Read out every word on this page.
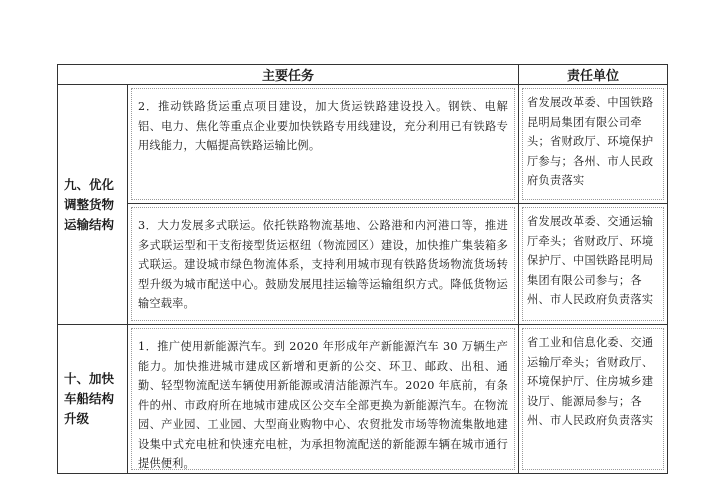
主要任务		责任单位
九、优化调整货物运输结构	2．推动铁路货运重点项目建设，加大货运铁路建设投入。钢铁、电解铝、电力、焦化等重点企业要加快铁路专用线建设，充分利用已有铁路专用线能力，大幅提高铁路运输比例。	省发展改革委、中国铁路昆明局集团有限公司牵头；省财政厅、环境保护厅参与；各州、市人民政府负责落实

	3．大力发展多式联运。依托铁路物流基地、公路港和内河港口等，推进多式联运型和干支衔接型货运枢纽（物流园区）建设，加快推广集装箱多式联运。建设城市绿色物流体系，支持利用城市现有铁路货场物流货场转型升级为城市配送中心。鼓励发展甩挂运输等运输组织方式。降低货物运输空载率。	省发展改革委、交通运输厅牵头；省财政厅、环境保护厅、中国铁路昆明局集团有限公司参与；各州、市人民政府负责落实

十、加快车船结构升级	1．推广使用新能源汽车。到 2020 年形成年产新能源汽车 30 万辆生产能力。加快推进城市建成区新增和更新的公交、环卫、邮政、出租、通勤、轻型物流配送车辆使用新能源或清洁能源汽车。2020 年底前，有条件的州、市政府所在地城市建成区公交车全部更换为新能源汽车。在物流园、产业园、工业园、大型商业购物中心、农贸批发市场等物流集散地建设集中式充电桩和快速充电桩，为承担物流配送的新能源车辆在城市通行提供便利。	省工业和信息化委、交通运输厅牵头；省财政厅、环境保护厅、住房城乡建设厅、能源局参与；各州、市人民政府负责落实
